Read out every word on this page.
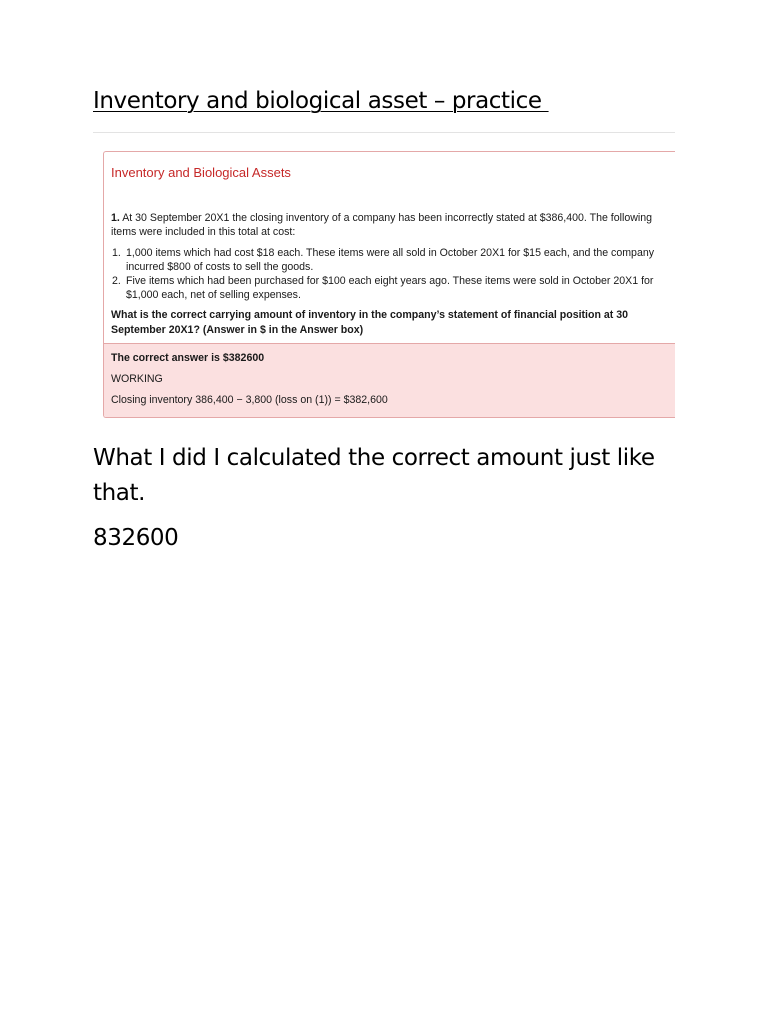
Inventory and biological asset – practice
Inventory and Biological Assets

1. At 30 September 20X1 the closing inventory of a company has been incorrectly stated at $386,400. The following items were included in this total at cost:

1. 1,000 items which had cost $18 each. These items were all sold in October 20X1 for $15 each, and the company incurred $800 of costs to sell the goods.
2. Five items which had been purchased for $100 each eight years ago. These items were sold in October 20X1 for $1,000 each, net of selling expenses.

What is the correct carrying amount of inventory in the company’s statement of financial position at 30 September 20X1? (Answer in $ in the Answer box)

The correct answer is $382600

WORKING

Closing inventory 386,400 − 3,800 (loss on (1)) = $382,600

What I did I calculated the correct amount just like that.

832600
